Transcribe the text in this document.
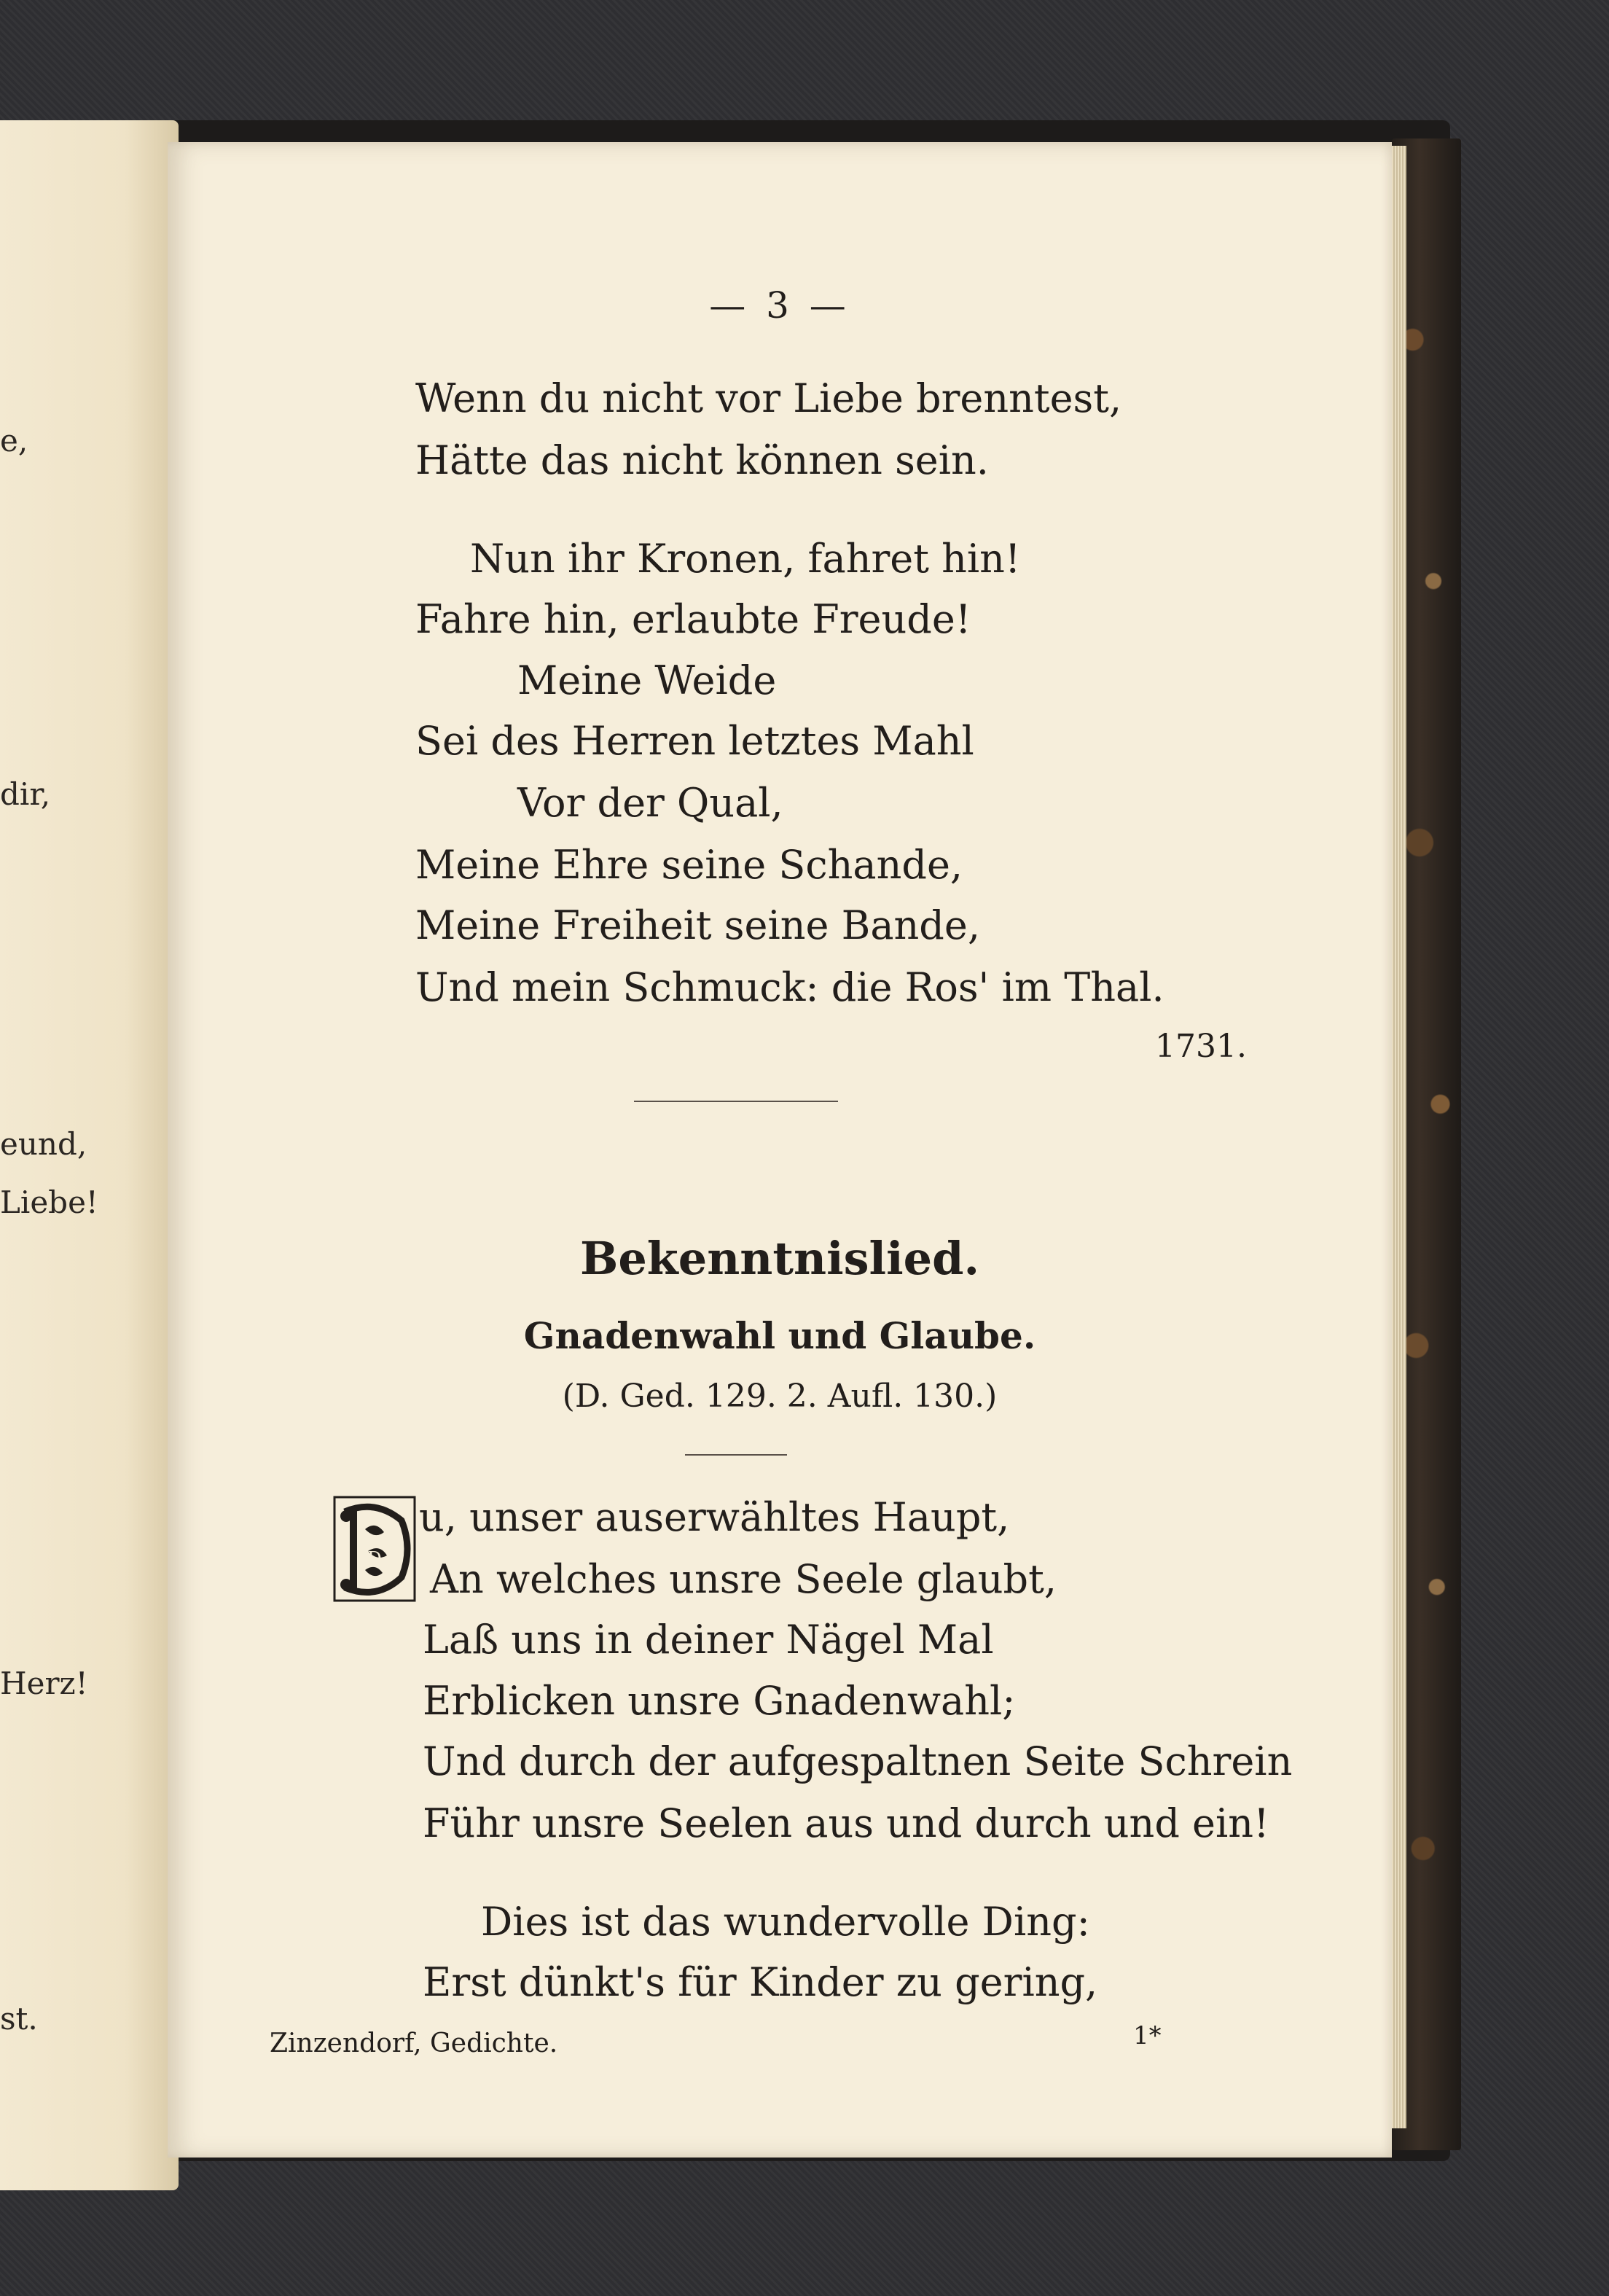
e,
dir,
eund,
Liebe!
Herz!
st.
— 3 —
Wenn du nicht vor Liebe brenntest,
Hätte das nicht können sein.
Nun ihr Kronen, fahret hin!
Fahre hin, erlaubte Freude!
Meine Weide
Sei des Herren letztes Mahl
Vor der Qual,
Meine Ehre seine Schande,
Meine Freiheit seine Bande,
Und mein Schmuck: die Ros' im Thal.
1731.
Bekenntnislied.
Gnadenwahl und Glaube.
(D. Ged. 129. 2. Aufl. 130.)
D
u, unser auserwähltes Haupt,
An welches unsre Seele glaubt,
Laß uns in deiner Nägel Mal
Erblicken unsre Gnadenwahl;
Und durch der aufgespaltnen Seite Schrein
Führ unsre Seelen aus und durch und ein!
Dies ist das wundervolle Ding:
Erst dünkt's für Kinder zu gering,
Zinzendorf, Gedichte.	1*
